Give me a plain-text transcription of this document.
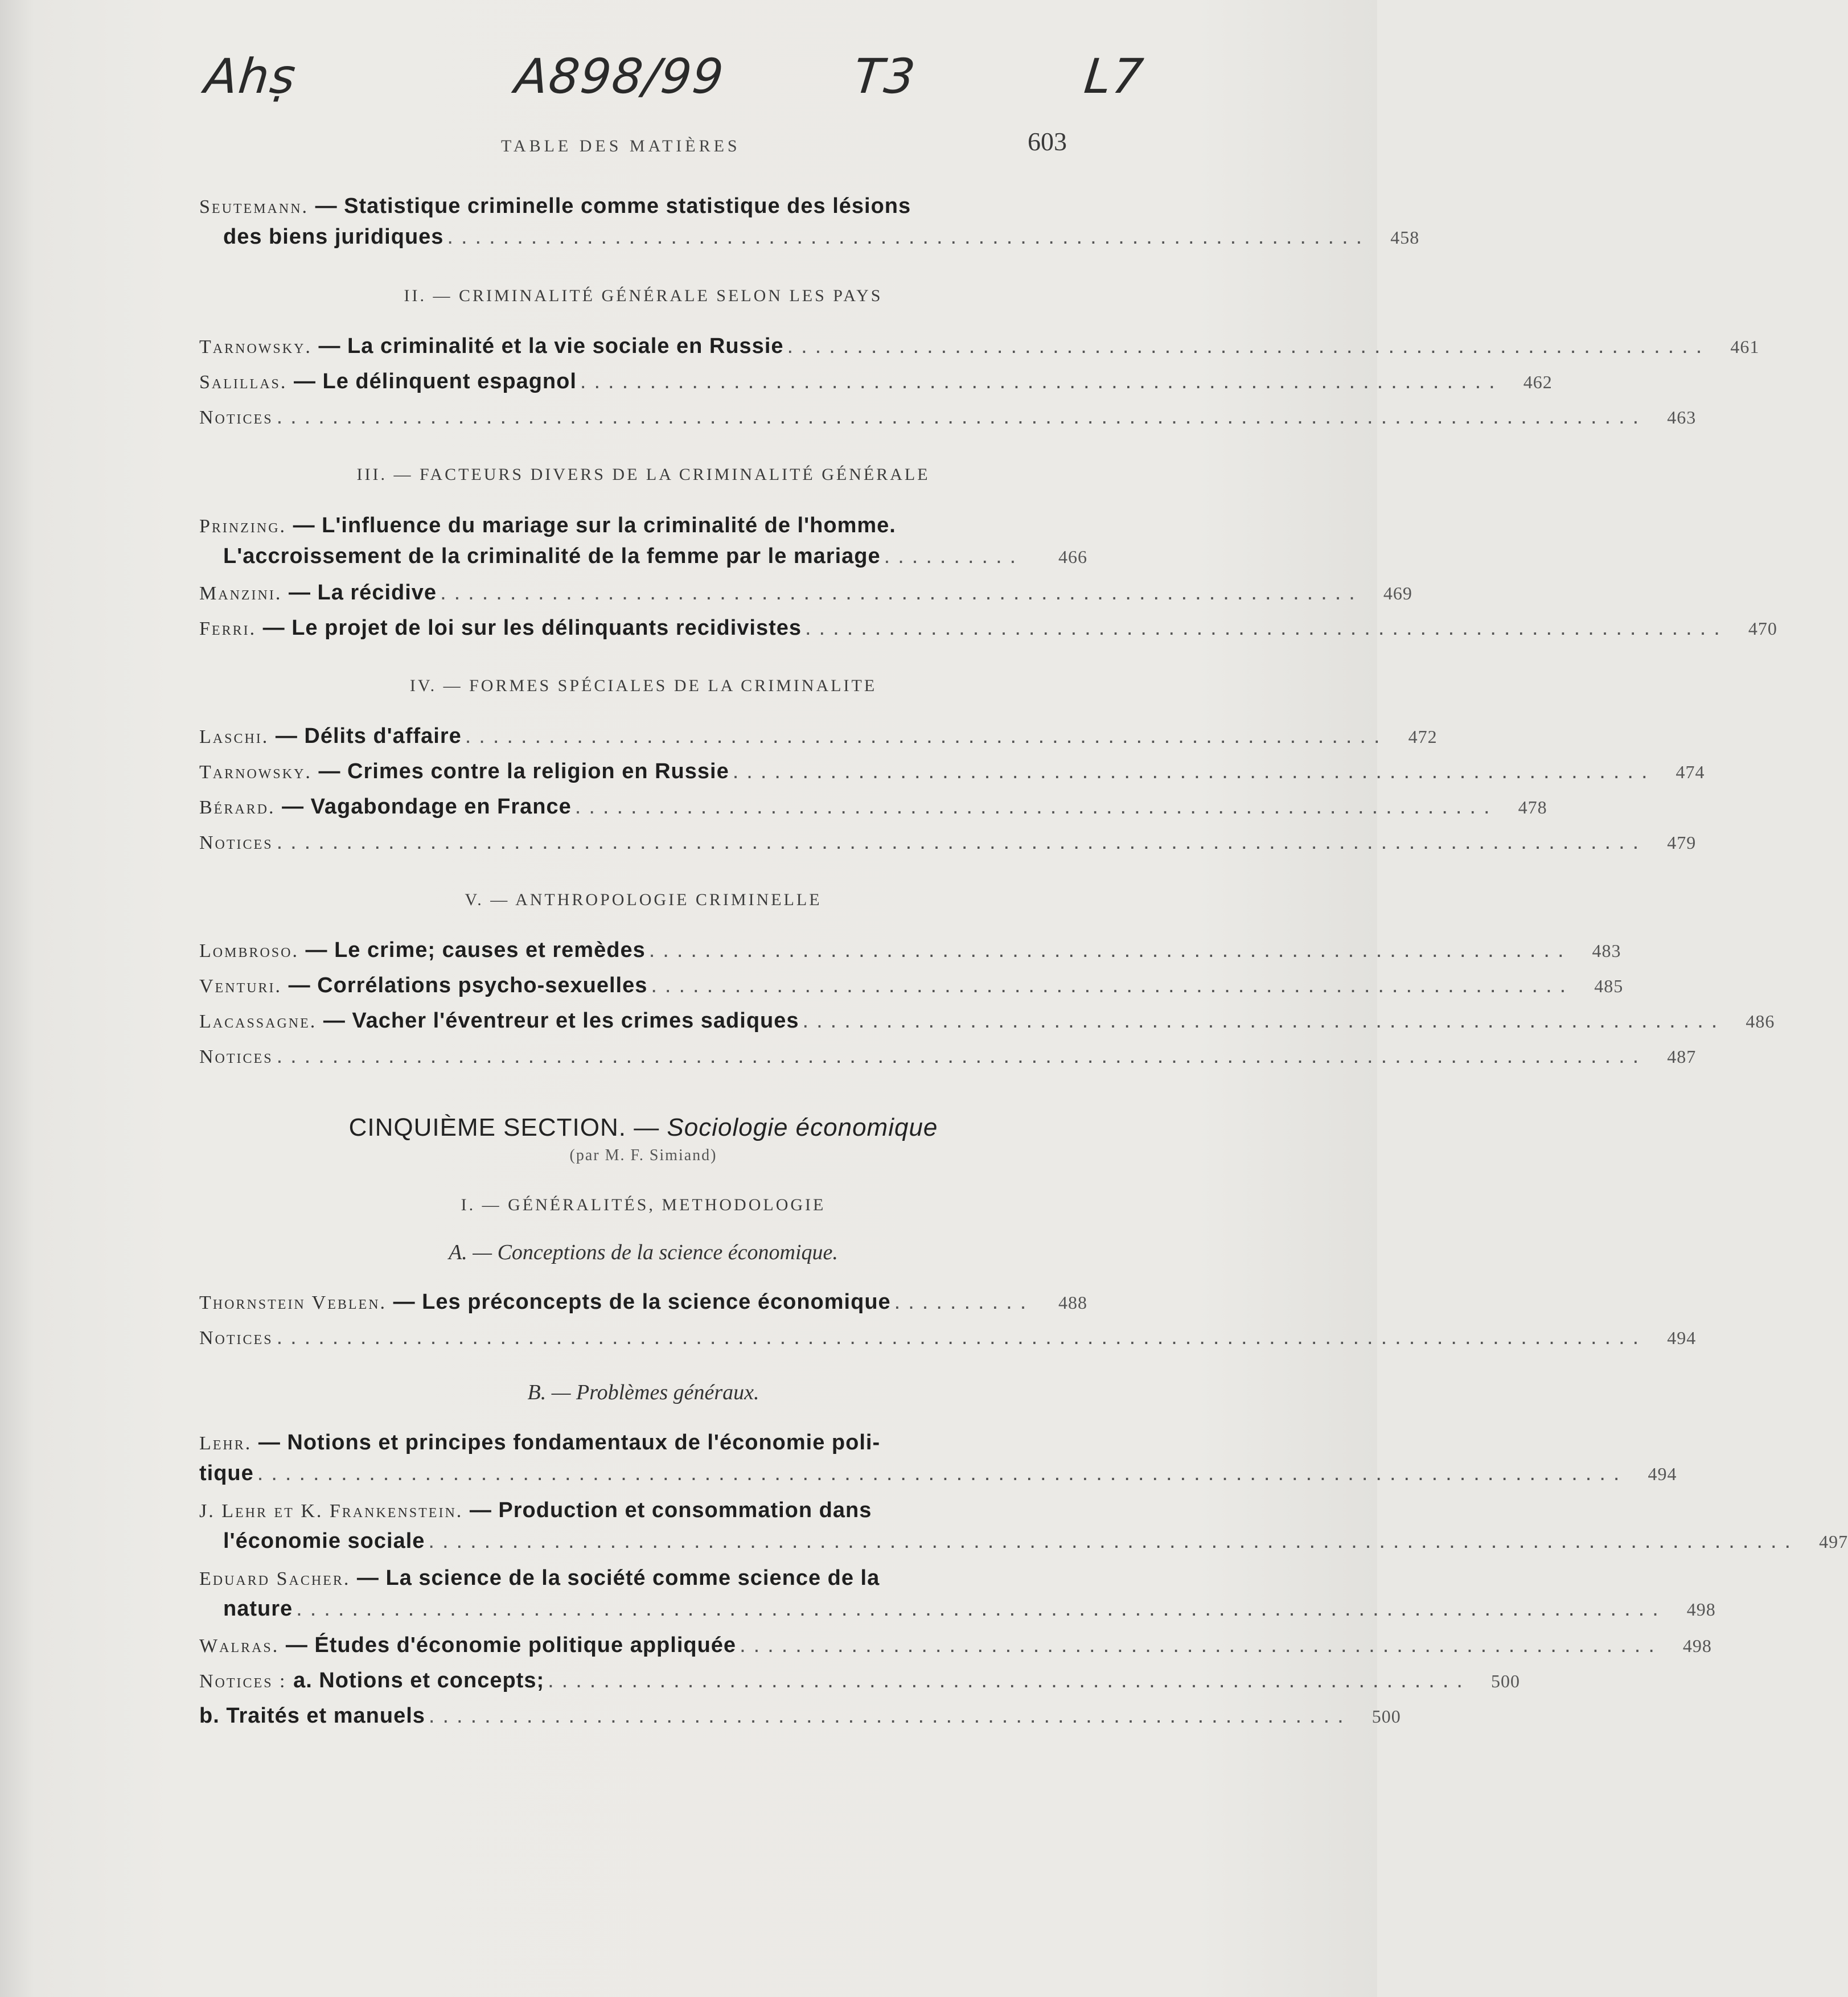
Ahṣ	A898/99	T3	L7
TABLE DES MATIÈRES	603
Seutemann. — Statistique criminelle comme statistique des lésions
des biens juridiques .................................................................. 458
II. — CRIMINALITÉ GÉNÉRALE SELON LES PAYS
Tarnowsky. — La criminalité et la vie sociale en Russie .................................................................. 461
Salillas. — Le délinquent espagnol .................................................................. 462
Notices .................................................................................................. 463
III. — FACTEURS DIVERS DE LA CRIMINALITÉ GÉNÉRALE
Prinzing. — L'influence du mariage sur la criminalité de l'homme.
L'accroissement de la criminalité de la femme par le mariage ..........	466
Manzini. — La récidive .................................................................. 469
Ferri. — Le projet de loi sur les délinquants recidivistes .................................................................. 470
IV. — FORMES SPÉCIALES DE LA CRIMINALITE
Laschi. — Délits d'affaire .................................................................. 472
Tarnowsky. — Crimes contre la religion en Russie .................................................................. 474
Bérard. — Vagabondage en France .................................................................. 478
Notices .................................................................................................. 479
V. — ANTHROPOLOGIE CRIMINELLE
Lombroso. — Le crime; causes et remèdes .................................................................. 483
Venturi. — Corrélations psycho-sexuelles .................................................................. 485
Lacassagne. — Vacher l'éventreur et les crimes sadiques .................................................................. 486
Notices .................................................................................................. 487
CINQUIÈME SECTION. — Sociologie économique
(par M. F. Simiand)
I. — GÉNÉRALITÉS, METHODOLOGIE
A. — Conceptions de la science économique.
Thornstein Veblen. — Les préconcepts de la science économique .......... 488
Notices .................................................................................................. 494
B. — Problèmes généraux.
Lehr. — Notions et principes fondamentaux de l'économie poli-
tique .................................................................................................. 494
J. Lehr et K. Frankenstein. — Production et consommation dans
l'économie sociale .................................................................................................. 497
Eduard Sacher. — La science de la société comme science de la
nature .................................................................................................. 498
Walras. — Études d'économie politique appliquée .................................................................. 498
Notices : a. Notions et concepts; .................................................................. 500
b. Traités et manuels .................................................................. 500
